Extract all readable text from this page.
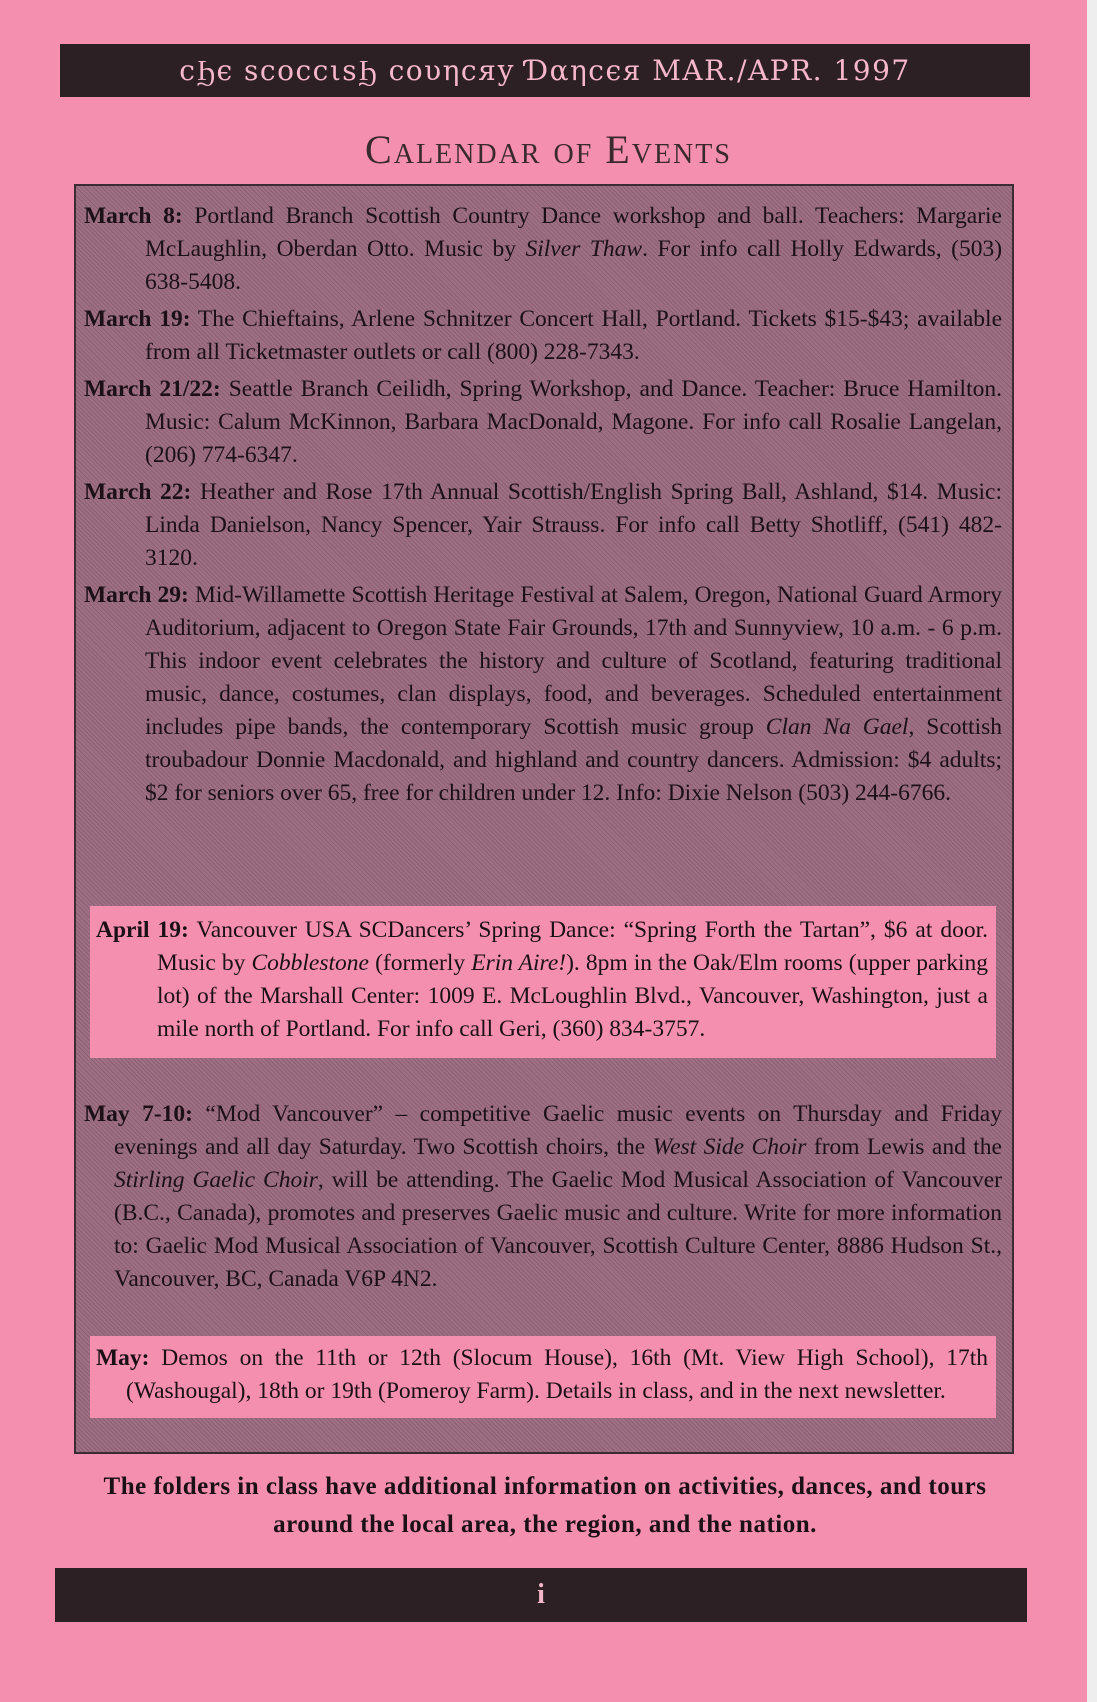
ϲϦє ѕϲοϲϲιѕϦ ϲουηϲяу Ɗαηϲєя MAR./APR. 1997
Calendar of Events

March 8: Portland Branch Scottish Country Dance workshop and ball. Teachers: Margarie McLaughlin, Oberdan Otto. Music by Silver Thaw. For info call Holly Edwards, (503) 638-5408.

March 19: The Chieftains, Arlene Schnitzer Concert Hall, Portland. Tickets $15-$43; available from all Ticketmaster outlets or call (800) 228-7343.

March 21/22: Seattle Branch Ceilidh, Spring Workshop, and Dance. Teacher: Bruce Hamilton. Music: Calum McKinnon, Barbara MacDonald, Magone. For info call Rosalie Langelan, (206) 774-6347.

March 22: Heather and Rose 17th Annual Scottish/English Spring Ball, Ashland, $14. Music: Linda Danielson, Nancy Spencer, Yair Strauss. For info call Betty Shotliff, (541) 482-3120.

March 29: Mid-Willamette Scottish Heritage Festival at Salem, Oregon, National Guard Armory Auditorium, adjacent to Oregon State Fair Grounds, 17th and Sunnyview, 10 a.m. - 6 p.m. This indoor event celebrates the history and culture of Scotland, featuring traditional music, dance, costumes, clan displays, food, and beverages. Scheduled entertainment includes pipe bands, the contemporary Scottish music group Clan Na Gael, Scottish troubadour Donnie Macdonald, and highland and country dancers. Admission: $4 adults; $2 for seniors over 65, free for children under 12. Info: Dixie Nelson (503) 244-6766.

April 19: Vancouver USA SCDancers’ Spring Dance: “Spring Forth the Tartan”, $6 at door. Music by Cobblestone (formerly Erin Aire!). 8pm in the Oak/Elm rooms (upper parking lot) of the Marshall Center: 1009 E. McLoughlin Blvd., Vancouver, Washington, just a mile north of Portland. For info call Geri, (360) 834-3757.

May 7-10: “Mod Vancouver” – competitive Gaelic music events on Thursday and Friday evenings and all day Saturday. Two Scottish choirs, the West Side Choir from Lewis and the Stirling Gaelic Choir, will be attending. The Gaelic Mod Musical Association of Vancouver (B.C., Canada), promotes and preserves Gaelic music and culture. Write for more information to: Gaelic Mod Musical Association of Vancouver, Scottish Culture Center, 8886 Hudson St., Vancouver, BC, Canada V6P 4N2.

May: Demos on the 11th or 12th (Slocum House), 16th (Mt. View High School), 17th (Washougal), 18th or 19th (Pomeroy Farm). Details in class, and in the next newsletter.

The folders in class have additional information on activities, dances, and tours around the local area, the region, and the nation.
i
